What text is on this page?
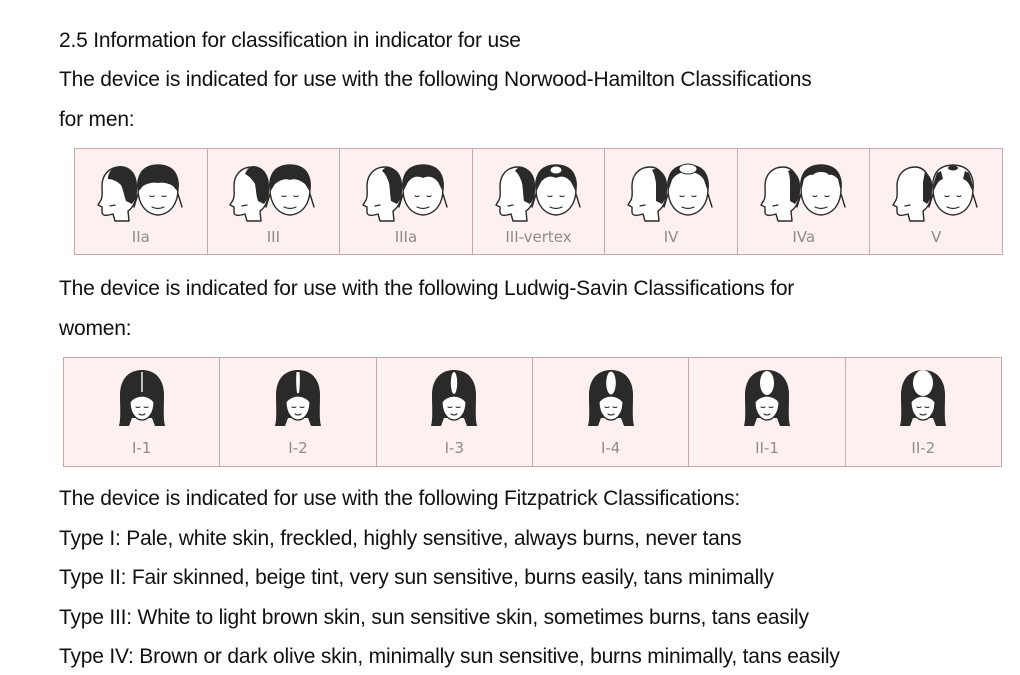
2.5 Information for classification in indicator for use
The device is indicated for use with the following Norwood-Hamilton Classifications
for men:
IIa	III	IIIa	III-vertex	IV	IVa	V
The device is indicated for use with the following Ludwig-Savin Classifications for
women:
I-1	I-2	I-3	I-4	II-1	II-2
The device is indicated for use with the following Fitzpatrick Classifications:
Type I: Pale, white skin, freckled, highly sensitive, always burns, never tans
Type II: Fair skinned, beige tint, very sun sensitive, burns easily, tans minimally
Type III: White to light brown skin, sun sensitive skin, sometimes burns, tans easily
Type IV: Brown or dark olive skin, minimally sun sensitive, burns minimally, tans easily
